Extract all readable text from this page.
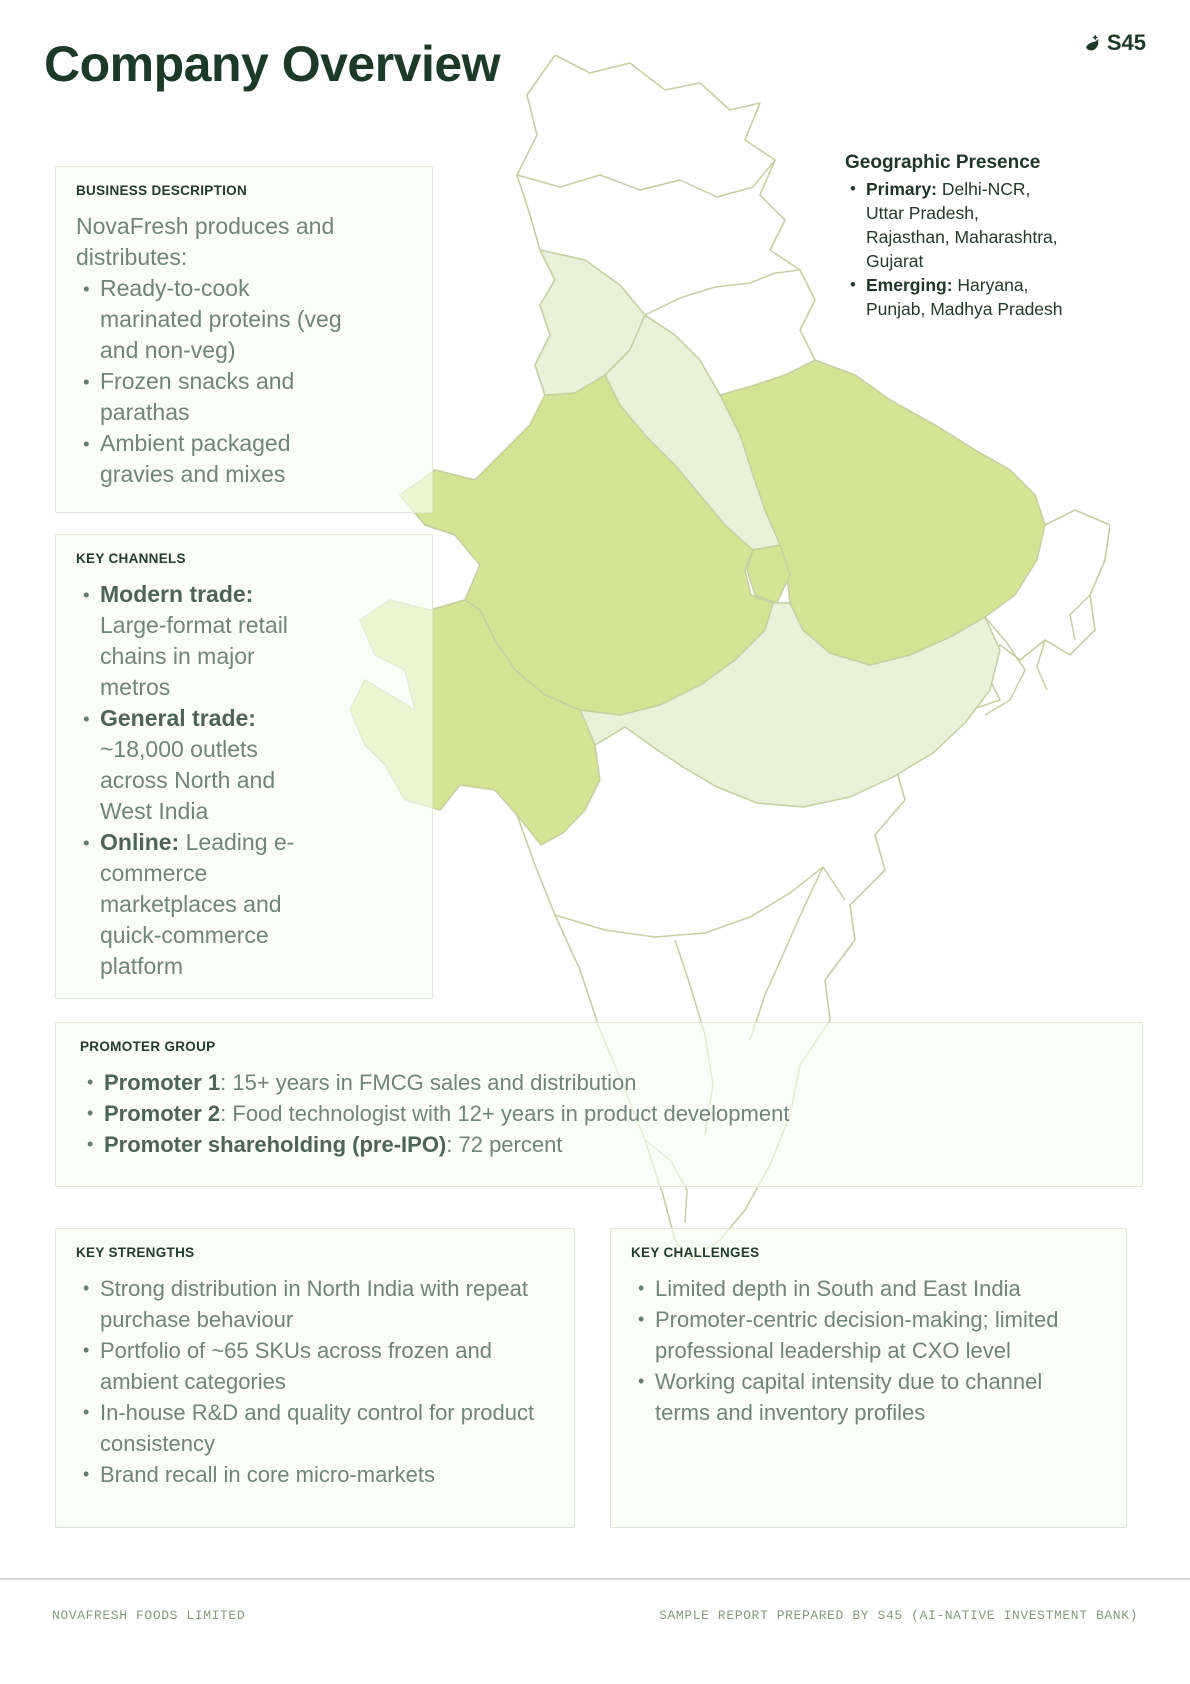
Company Overview	S45
Geographic Presence
• Primary: Delhi-NCR, Uttar Pradesh, Rajasthan, Maharashtra, Gujarat
• Emerging: Haryana, Punjab, Madhya Pradesh
BUSINESS DESCRIPTION

NovaFresh produces and distributes:

• Ready-to-cook marinated proteins (veg and non-veg)
• Frozen snacks and parathas
• Ambient packaged gravies and mixes
KEY CHANNELS
• Modern trade: Large-format retail chains in major metros
• General trade: ~18,000 outlets across North and West India
• Online: Leading e-commerce marketplaces and quick-commerce platform
PROMOTER GROUP
• Promoter 1: 15+ years in FMCG sales and distribution
• Promoter 2: Food technologist with 12+ years in product development
• Promoter shareholding (pre-IPO): 72 percent
KEY STRENGTHS
• Strong distribution in North India with repeat purchase behaviour
• Portfolio of ~65 SKUs across frozen and ambient categories
• In-house R&D and quality control for product consistency
• Brand recall in core micro-markets
KEY CHALLENGES
• Limited depth in South and East India
• Promoter-centric decision-making; limited professional leadership at CXO level
• Working capital intensity due to channel terms and inventory profiles
NOVAFRESH FOODS LIMITED	SAMPLE REPORT PREPARED BY S45 (AI-NATIVE INVESTMENT BANK)
